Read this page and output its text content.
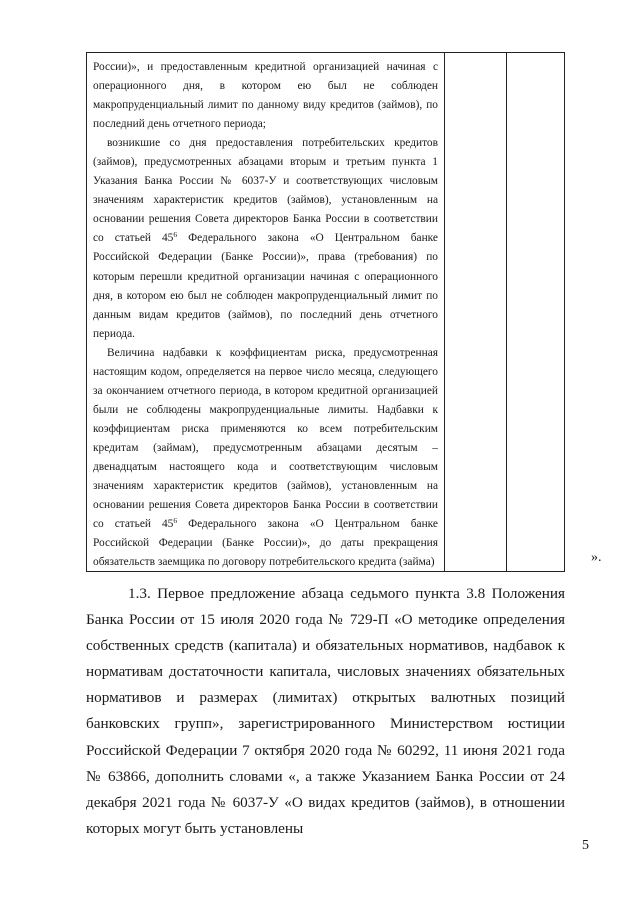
России)», и предоставленным кредитной организацией начиная с операционного дня, в котором ею был не соблюден макропруденциальный лимит по данному виду кредитов (займов), по последний день отчетного периода;

возникшие со дня предоставления потребительских кредитов (займов), предусмотренных абзацами вторым и третьим пункта 1 Указания Банка России № 6037-У и соответствующих числовым значениям характеристик кредитов (займов), установленным на основании решения Совета директоров Банка России в соответствии со статьей $45^6$ Федерального закона «О Центральном банке Российской Федерации (Банке России)», права (требования) по которым перешли кредитной организации начиная с операционного дня, в котором ею был не соблюден макропруденциальный лимит по данным видам кредитов (займов), по последний день отчетного периода.

Величина надбавки к коэффициентам риска, предусмотренная настоящим кодом, определяется на первое число месяца, следующего за окончанием отчетного периода, в котором кредитной организацией были не соблюдены макропруденциальные лимиты. Надбавки к коэффициентам риска применяются ко всем потребительским кредитам (займам), предусмотренным абзацами десятым – двенадцатым настоящего кода и соответствующим числовым значениям характеристик кредитов (займов), установленным на основании решения Совета директоров Банка России в соответствии со статьей $45^6$ Федерального закона «О Центральном банке Российской Федерации (Банке России)», до даты прекращения обязательств заемщика по договору потребительского кредита (займа)	».

1.3. Первое предложение абзаца седьмого пункта 3.8 Положения Банка России от 15 июля 2020 года № 729-П «О методике определения собственных средств (капитала) и обязательных нормативов, надбавок к нормативам достаточности капитала, числовых значениях обязательных нормативов и размерах (лимитах) открытых валютных позиций банковских групп», зарегистрированного Министерством юстиции Российской Федерации 7 октября 2020 года № 60292, 11 июня 2021 года № 63866, дополнить словами «, а также Указанием Банка России от 24 декабря 2021 года № 6037-У «О видах кредитов (займов), в отношении которых могут быть установлены

5
